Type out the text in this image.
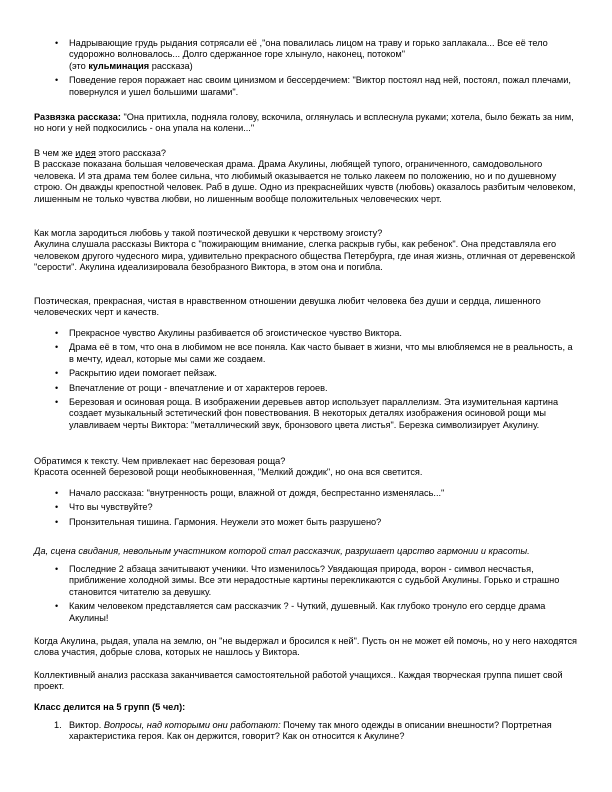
• Надрывающие грудь рыдания сотрясали её ,"она повалилась лицом на траву и горько заплакала... Все её тело судорожно волновалось... Долго сдержанное горе хлынуло, наконец, потоком"
(это кульминация рассказа)
• Поведение героя поражает нас своим цинизмом и бессердечием: "Виктор постоял над ней, постоял, пожал плечами, повернулся и ушел большими шагами".

Развязка рассказа: "Она притихла, подняла голову, вскочила, оглянулась и всплеснула руками; хотела, было бежать за ним, но ноги у ней подкосились - она упала на колени..."

В чем же идея этого рассказа?

В рассказе показана большая человеческая драма. Драма Акулины, любящей тупого, ограниченного, самодовольного человека. И эта драма тем более сильна, что любимый оказывается не только лакеем по положению, но и по душевному строю. Он дважды крепостной человек. Раб в душе. Одно из прекраснейших чувств (любовь) оказалось разбитым человеком, лишенным не только чувства любви, но лишенным вообще положительных человеческих черт.

Как могла зародиться любовь у такой поэтической девушки к черствому эгоисту?

Акулина слушала рассказы Виктора с "пожирающим внимание, слегка раскрыв губы, как ребенок". Она представляла его человеком другого чудесного мира, удивительно прекрасного общества Петербурга, где иная жизнь, отличная от деревенской "серости". Акулина идеализировала безобразного Виктора, в этом она и погибла.

Поэтическая, прекрасная, чистая в нравственном отношении девушка любит человека без души и сердца, лишенного человеческих черт и качеств.

• Прекрасное чувство Акулины разбивается об эгоистическое чувство Виктора.
• Драма её в том, что она в любимом не все поняла. Как часто бывает в жизни, что мы влюбляемся не в реальность, а в мечту, идеал, которые мы сами же создаем.
• Раскрытию идеи помогает пейзаж.
• Впечатление от рощи - впечатление и от характеров героев.
• Березовая и осиновая роща. В изображении деревьев автор использует параллелизм. Эта изумительная картина создает музыкальный эстетический фон повествования. В некоторых деталях изображения осиновой рощи мы улавливаем черты Виктора: "металлический звук, бронзового цвета листья". Березка символизирует Акулину.

Обратимся к тексту. Чем привлекает нас березовая роща?

Красота осенней березовой рощи необыкновенная, "Мелкий дождик", но она вся светится.

• Начало рассказа: "внутренность рощи, влажной от дождя, беспрестанно изменялась..."
• Что вы чувствуйте?
• Пронзительная тишина. Гармония. Неужели это может быть разрушено?

Да, сцена свидания, невольным участником которой стал рассказчик, разрушает царство гармонии и красоты.

• Последние 2 абзаца зачитывают ученики. Что изменилось? Увядающая природа, ворон - символ несчастья, приближение холодной зимы. Все эти нерадостные картины перекликаются с судьбой Акулины. Горько и страшно становится читателю за девушку.
• Каким человеком представляется сам рассказчик ? - Чуткий, душевный. Как глубоко тронуло его сердце драма Акулины!

Когда Акулина, рыдая, упала на землю, он "не выдержал и бросился к ней". Пусть он не может ей помочь, но у него находятся слова участия, добрые слова, которых не нашлось у Виктора.

Коллективный анализ рассказа заканчивается самостоятельной работой учащихся.. Каждая творческая группа пишет свой проект.

Класс делится на 5 групп (5 чел):

1. Виктор. Вопросы, над которыми они работают: Почему так много одежды в описании внешности? Портретная характеристика героя. Как он держится, говорит? Как он относится к Акулине?
